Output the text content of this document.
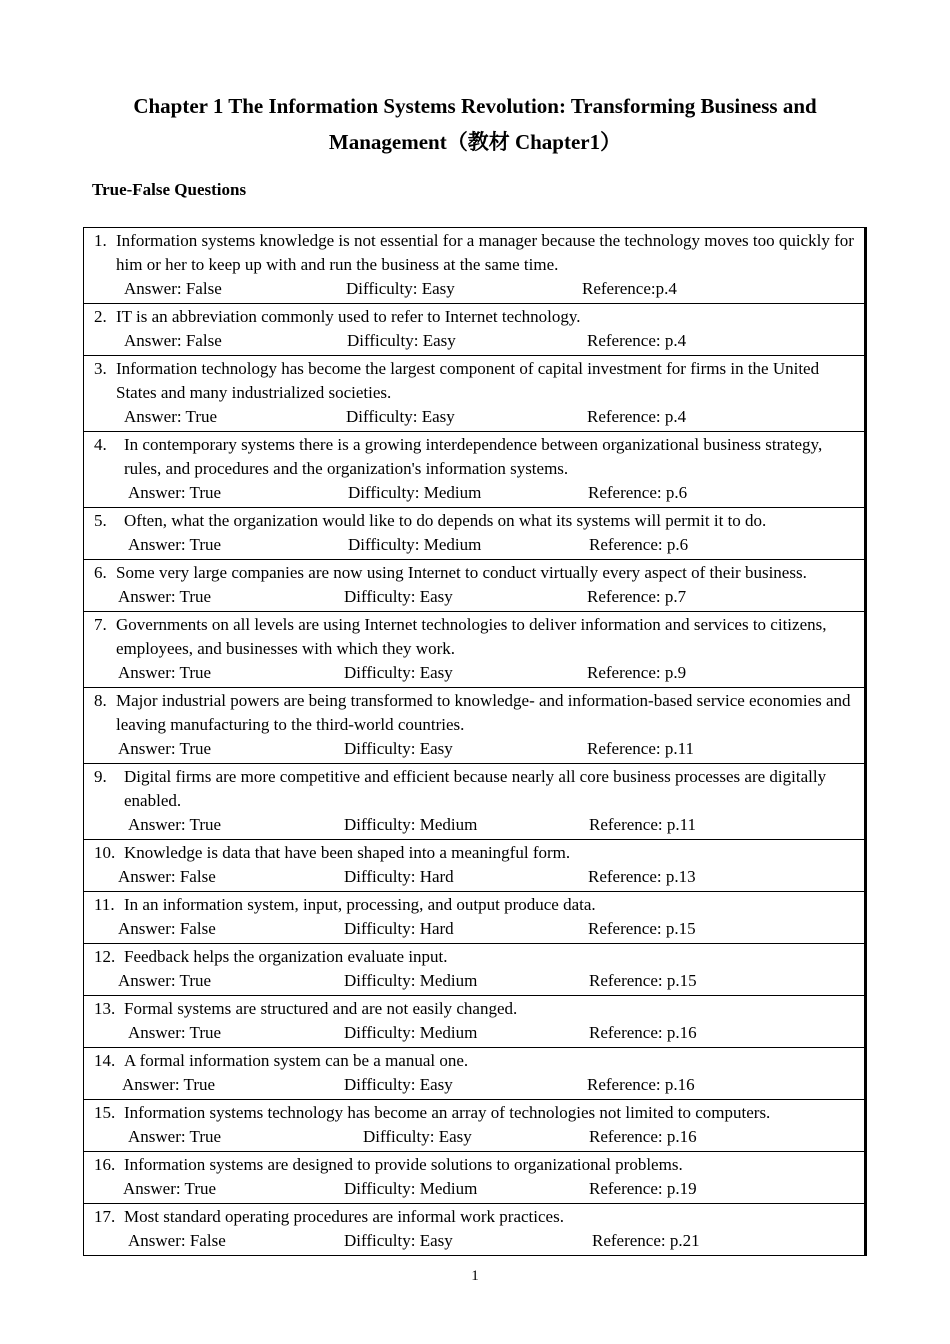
Chapter 1 The Information Systems Revolution: Transforming Business and
Management（教材 Chapter1）
True-False Questions
1. Information systems knowledge is not essential for a manager because the technology moves too quickly for him or her to keep up with and run the business at the same time.
Answer: False	Difficulty: Easy	Reference:p.4
2. IT is an abbreviation commonly used to refer to Internet technology.
Answer: False	Difficulty: Easy	Reference: p.4
3. Information technology has become the largest component of capital investment for firms in the United States and many industrialized societies.
Answer: True	Difficulty: Easy	Reference: p.4
4.	In contemporary systems there is a growing interdependence between organizational business strategy, rules, and procedures and the organization's information systems.
Answer: True	Difficulty: Medium	Reference: p.6
5.	Often, what the organization would like to do depends on what its systems will permit it to do.
Answer: True	Difficulty: Medium	Reference: p.6
6. Some very large companies are now using Internet to conduct virtually every aspect of their business.
Answer: True	Difficulty: Easy	Reference: p.7
7. Governments on all levels are using Internet technologies to deliver information and services to citizens, employees, and businesses with which they work.
Answer: True	Difficulty: Easy	Reference: p.9
8. Major industrial powers are being transformed to knowledge- and information-based service economies and leaving manufacturing to the third-world countries.
Answer: True	Difficulty: Easy	Reference: p.11
9.	Digital firms are more competitive and efficient because nearly all core business processes are digitally enabled.
Answer: True	Difficulty: Medium	Reference: p.11
10. Knowledge is data that have been shaped into a meaningful form.
Answer: False	Difficulty: Hard	Reference: p.13
11. In an information system, input, processing, and output produce data.
Answer: False	Difficulty: Hard	Reference: p.15
12. Feedback helps the organization evaluate input.
Answer: True	Difficulty: Medium	Reference: p.15
13. Formal systems are structured and are not easily changed.
Answer: True	Difficulty: Medium	Reference: p.16
14. A formal information system can be a manual one.
Answer: True	Difficulty: Easy	Reference: p.16
15. Information systems technology has become an array of technologies not limited to computers.
Answer: True	Difficulty: Easy	Reference: p.16
16. Information systems are designed to provide solutions to organizational problems.
Answer: True	Difficulty: Medium	Reference: p.19
17. Most standard operating procedures are informal work practices.
Answer: False	Difficulty: Easy	Reference: p.21
1
